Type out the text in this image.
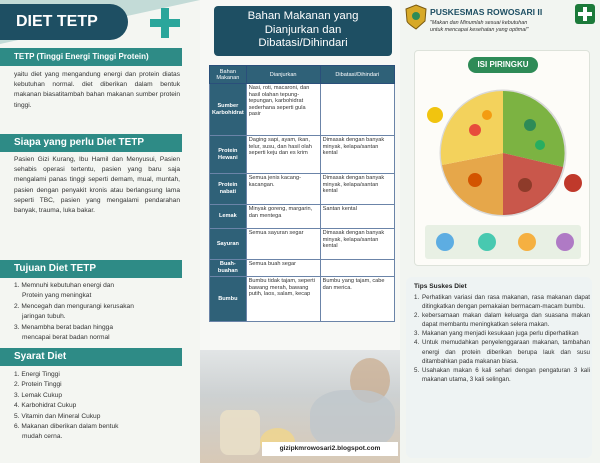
DIET TETP
TETP (Tinggi Energi Tinggi Protein)
yaitu diet yang mengandung energi dan protein diatas kebutuhan normal. diet diberikan dalam bentuk makanan biasatitambah bahan makanan sumber protein tinggi.
Siapa yang perlu Diet TETP
Pasien Gizi Kurang, Ibu Hamil dan Menyusui, Pasien sehabis operasi tertentu, pasien yang baru saja mengalami panas tinggi seperti demam, mual, muntah, pasien dengan penyakit kronis atau berlangsung lama seperti TBC, pasien yang mengalami pendarahan banyak, trauma, luka bakar.
Tujuan Diet TETP
1. Memnuhi kebutuhan energi dan
Protein yang meningkat
2. Mencegah dan mengurangi kerusakan
jaringan tubuh.
3. Menambha berat badan hingga
mencapai berat badan normal
Syarat Diet
1. Energi Tinggi
2. Protein Tinggi
3. Lemak Cukup
4. Karbohidrat Cukup
5. Vitamin dan Mineral Cukup
6. Makanan diberikan dalam bentuk
mudah cerna.
Bahan Makanan yang
Dianjurkan dan
Dibatasi/Dihindari
Bahan Makanan	Dianjurkan	Dibatasi/Dihindari
Sumber Karbohidrat	Nasi, roti, macaroni, dan hasil olahan tepung-tepungan, karbohidrat sederhana seperti gula pasir	
Protein Hewani	Daging sapi, ayam, ikan, telur, susu, dan hasil olah seperti keju dan es krim	Dimasak dengan banyak minyak, kelapa/santan kental
Protein nabati	Semua jenis kacang-kacangan.	Dimasak dengan banyak minyak, kelapa/santan kental
Lemak	Minyak goreng, margarin, dan mentega	Santan kental
Sayuran	Semua sayuran segar	Dimasak dengan banyak minyak, kelapa/santan kental
Buah-buahan	Semua buah segar	
Bumbu	Bumbu tidak tajam, seperti bawang merah, bawang putih, laos, salam, kecap	Bumbu yang tajam, cabe dan merica.
gizipkmrowosari2.blogspot.com
PUSKESMAS ROWOSARI II
"Makan dan Minumlah sesuai kebutuhan
untuk mencapai kesehatan yang optimal"
ISI PIRINGKU
Tips Suskes Diet
1. Perhatikan variasi dan rasa makanan, rasa makanan dapat ditingkatkan dengan pemakaian bermacam-macam bumbu.
2. kebersamaan makan dalam keluarga dan suasana makan dapat membantu meningkatkan selera makan.
3. Makanan yang menjadi kesukaan juga perlu diperhatikan
4. Untuk memudahkan penyelenggaraan makanan, tambahan energi dan protein diberikan berupa lauk dan susu ditambahkan pada makanan biasa.
5. Usahakan makan 6 kali sehari dengan pengaturan 3 kali makanan utama, 3 kali selingan.
